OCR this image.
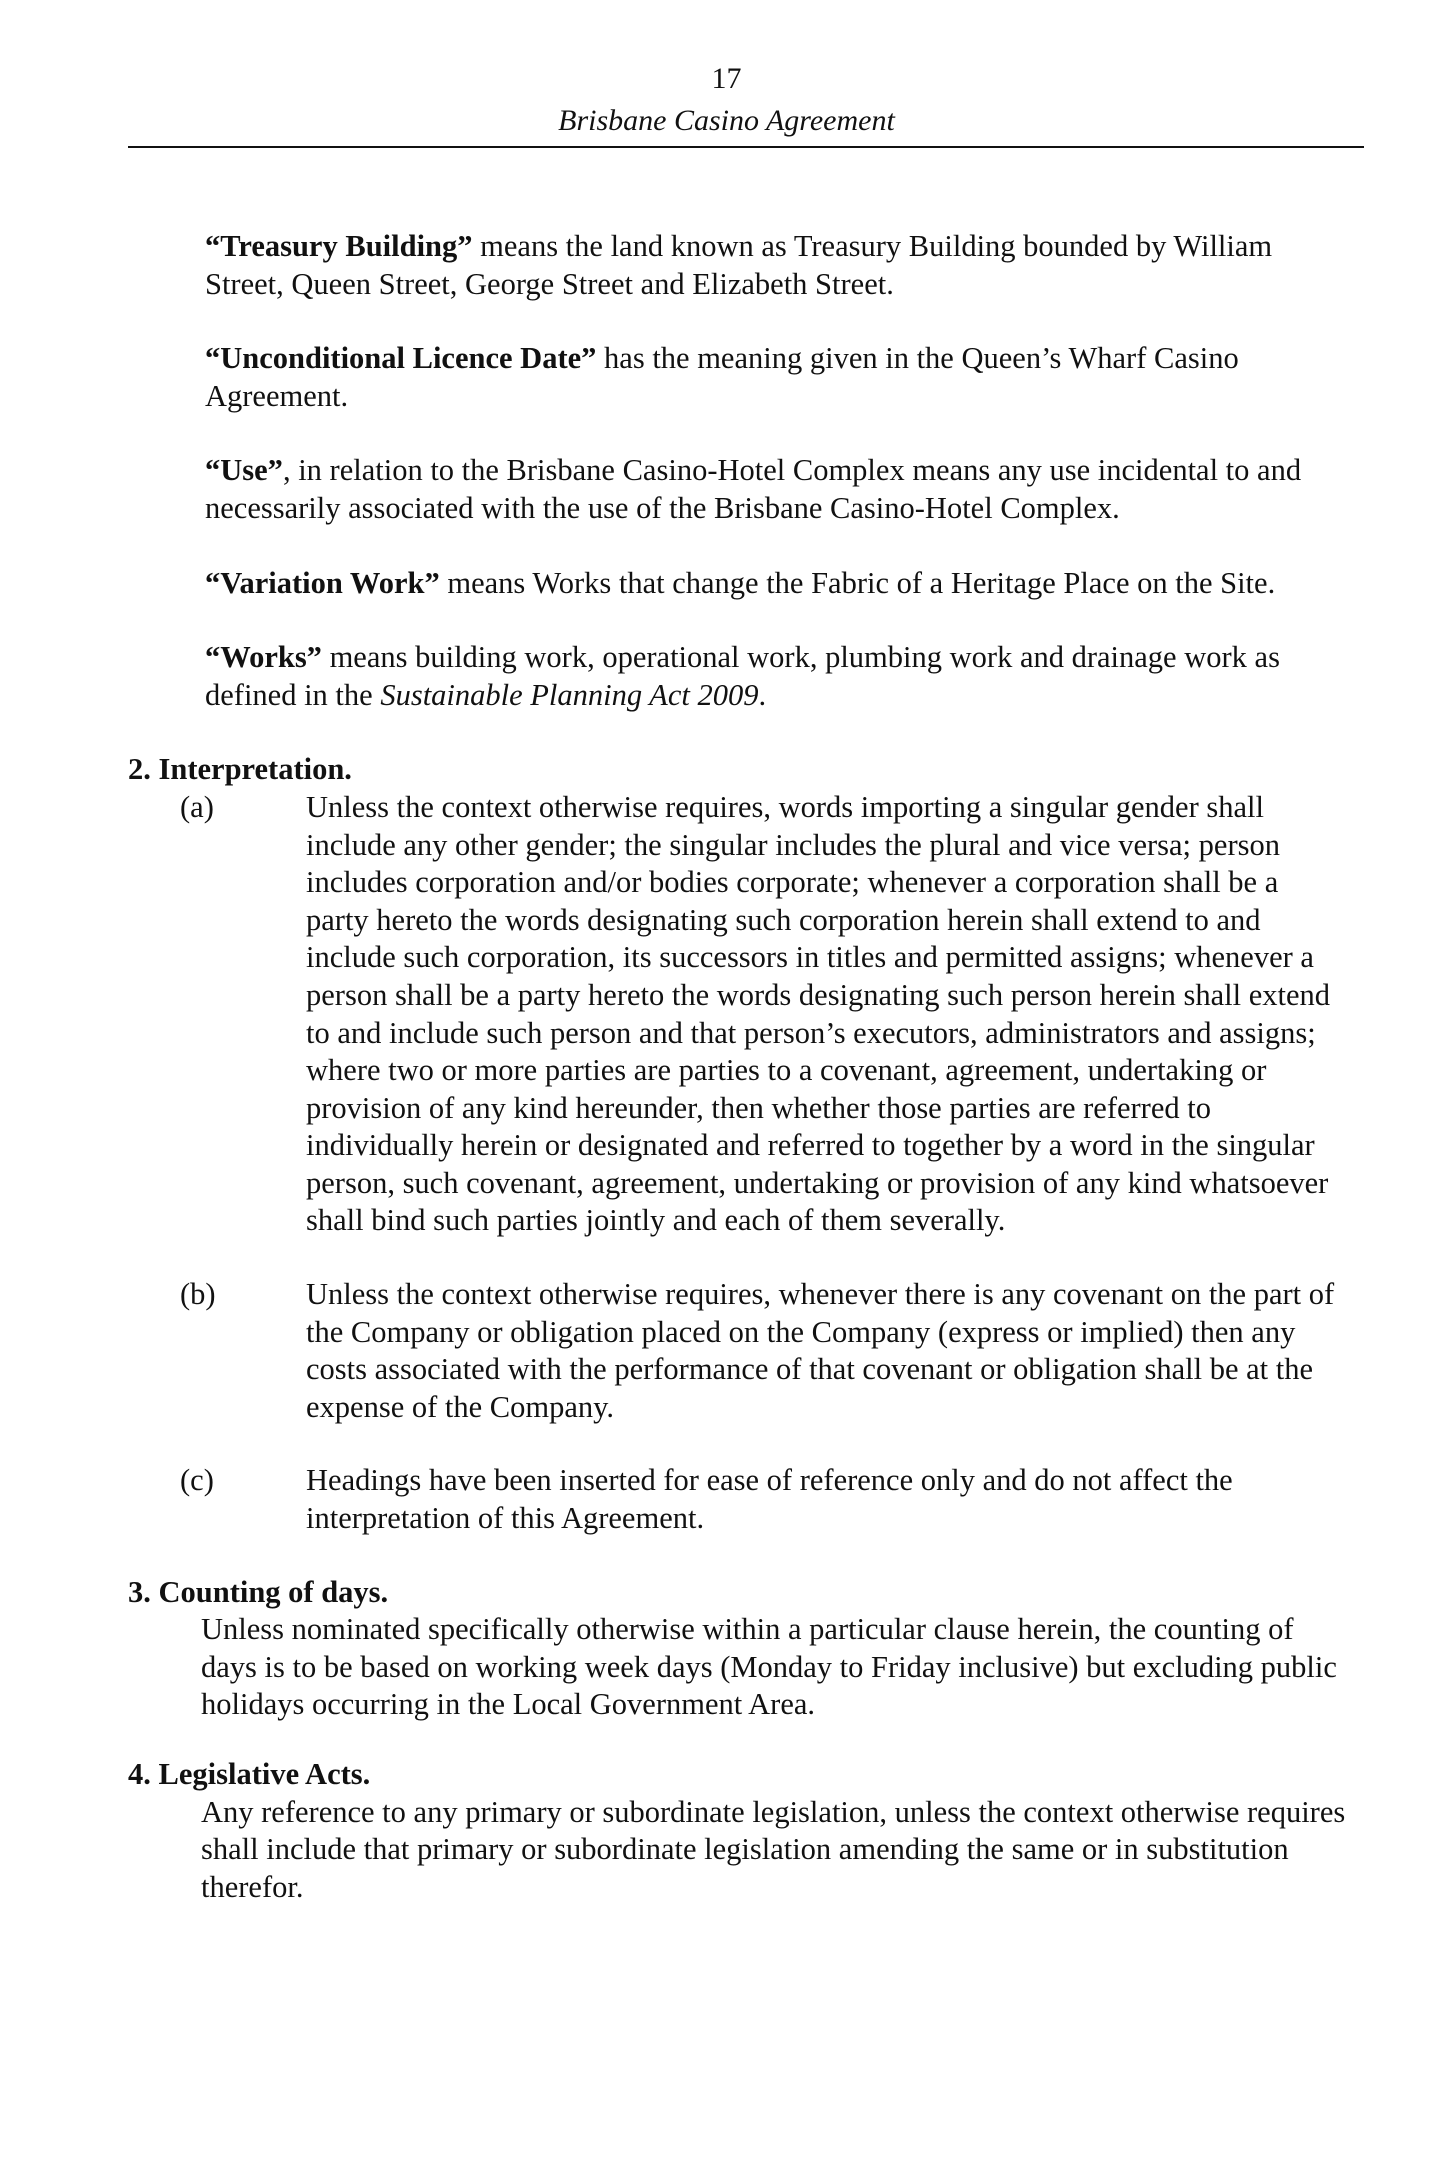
17
Brisbane Casino Agreement

“Treasury Building” means the land known as Treasury Building bounded by William Street, Queen Street, George Street and Elizabeth Street.

“Unconditional Licence Date” has the meaning given in the Queen’s Wharf Casino Agreement.

“Use”, in relation to the Brisbane Casino-Hotel Complex means any use incidental to and necessarily associated with the use of the Brisbane Casino-Hotel Complex.

“Variation Work” means Works that change the Fabric of a Heritage Place on the Site.

“Works” means building work, operational work, plumbing work and drainage work as defined in the Sustainable Planning Act 2009.

2. Interpretation.
(a)	Unless the context otherwise requires, words importing a singular gender shall include any other gender; the singular includes the plural and vice versa; person includes corporation and/or bodies corporate; whenever a corporation shall be a party hereto the words designating such corporation herein shall extend to and include such corporation, its successors in titles and permitted assigns; whenever a person shall be a party hereto the words designating such person herein shall extend to and include such person and that person’s executors, administrators and assigns; where two or more parties are parties to a covenant, agreement, undertaking or provision of any kind hereunder, then whether those parties are referred to individually herein or designated and referred to together by a word in the singular person, such covenant, agreement, undertaking or provision of any kind whatsoever shall bind such parties jointly and each of them severally.
(b)	Unless the context otherwise requires, whenever there is any covenant on the part of the Company or obligation placed on the Company (express or implied) then any costs associated with the performance of that covenant or obligation shall be at the expense of the Company.
(c)	Headings have been inserted for ease of reference only and do not affect the interpretation of this Agreement.
3. Counting of days.
Unless nominated specifically otherwise within a particular clause herein, the counting of days is to be based on working week days (Monday to Friday inclusive) but excluding public holidays occurring in the Local Government Area.
4. Legislative Acts.
Any reference to any primary or subordinate legislation, unless the context otherwise requires shall include that primary or subordinate legislation amending the same or in substitution therefor.
